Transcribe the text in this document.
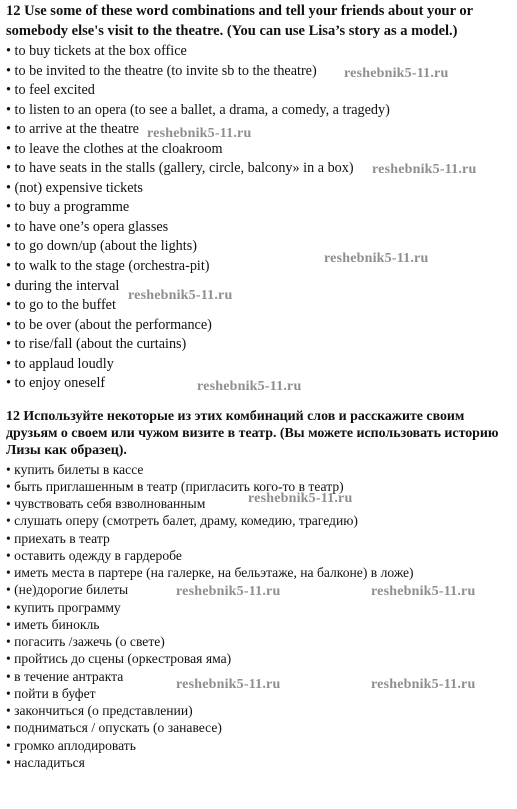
12 Use some of these word combinations and tell your friends about your or somebody else's visit to the theatre. (You can use Lisa’s story as a model.)

• to buy tickets at the box office
• to be invited to the theatre (to invite sb to the theatre)
• to feel excited
• to listen to an opera (to see a ballet, a drama, a comedy, a tragedy)
• to arrive at the theatre
• to leave the clothes at the cloakroom
• to have seats in the stalls (gallery, circle, balcony» in a box)
• (not) expensive tickets
• to buy a programme
• to have one’s opera glasses
• to go down/up (about the lights)
• to walk to the stage (orchestra-pit)
• during the interval
• to go to the buffet
• to be over (about the performance)
• to rise/fall (about the curtains)
• to applaud loudly
• to enjoy oneself

12 Используйте некоторые из этих комбинаций слов и расскажите своим друзьям о своем или чужом визите в театр. (Вы можете использовать историю Лизы как образец).

• купить билеты в кассе
• быть приглашенным в театр (пригласить кого-то в театр)
• чувствовать себя взволнованным
• слушать оперу (смотреть балет, драму, комедию, трагедию)
• приехать в театр
• оставить одежду в гардеробе
• иметь места в партере (на галерке, на бельэтаже, на балконе) в ложе)
• (не)дорогие билеты
• купить программу
• иметь бинокль
• погасить /зажечь (о свете)
• пройтись до сцены (оркестровая яма)
• в течение антракта
• пойти в буфет
• закончиться (о представлении)
• подниматься / опускать (о занавесе)
• громко аплодировать
• насладиться
reshebnik5-11.ru
reshebnik5-11.ru
reshebnik5-11.ru
reshebnik5-11.ru
reshebnik5-11.ru
reshebnik5-11.ru
reshebnik5-11.ru
reshebnik5-11.ru	reshebnik5-11.ru
reshebnik5-11.ru	reshebnik5-11.ru
